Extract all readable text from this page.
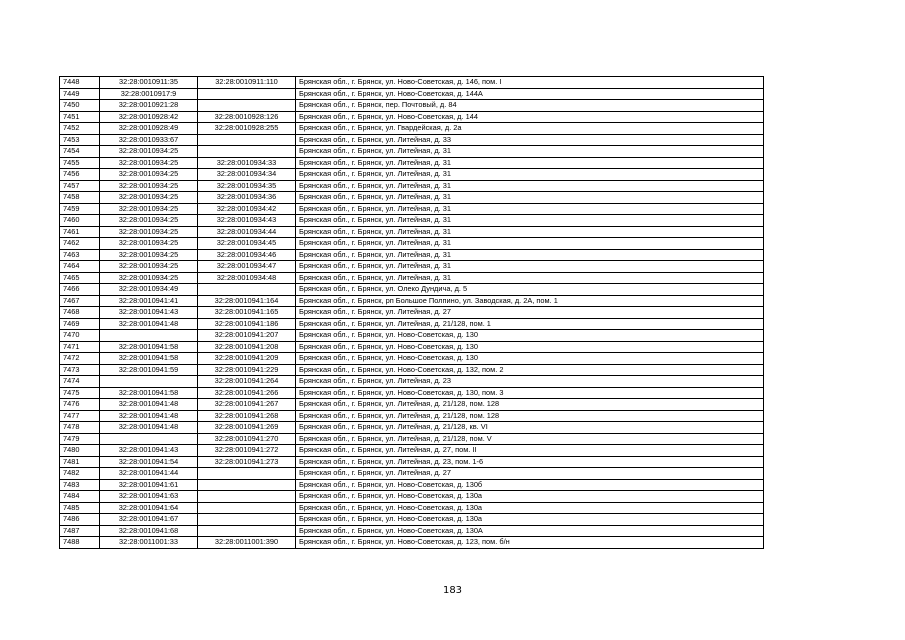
7448	32:28:0010911:35	32:28:0010911:110	Брянская обл., г. Брянск, ул. Ново-Советская, д. 146, пом. I
7449	32:28:0010917:9		Брянская обл., г. Брянск, ул. Ново-Советская, д. 144А
7450	32:28:0010921:28		Брянская обл., г. Брянск, пер. Почтовый, д. 84
7451	32:28:0010928:42	32:28:0010928:126	Брянская обл., г. Брянск, ул. Ново-Советская, д. 144
7452	32:28:0010928:49	32:28:0010928:255	Брянская обл., г. Брянск, ул. Гвардейская, д. 2а
7453	32:28:0010933:67		Брянская обл., г. Брянск, ул. Литейная, д. 33
7454	32:28:0010934:25		Брянская обл., г. Брянск, ул. Литейная, д. 31
7455	32:28:0010934:25	32:28:0010934:33	Брянская обл., г. Брянск, ул. Литейная, д. 31
7456	32:28:0010934:25	32:28:0010934:34	Брянская обл., г. Брянск, ул. Литейная, д. 31
7457	32:28:0010934:25	32:28:0010934:35	Брянская обл., г. Брянск, ул. Литейная, д. 31
7458	32:28:0010934:25	32:28:0010934:36	Брянская обл., г. Брянск, ул. Литейная, д. 31
7459	32:28:0010934:25	32:28:0010934:42	Брянская обл., г. Брянск, ул. Литейная, д. 31
7460	32:28:0010934:25	32:28:0010934:43	Брянская обл., г. Брянск, ул. Литейная, д. 31
7461	32:28:0010934:25	32:28:0010934:44	Брянская обл., г. Брянск, ул. Литейная, д. 31
7462	32:28:0010934:25	32:28:0010934:45	Брянская обл., г. Брянск, ул. Литейная, д. 31
7463	32:28:0010934:25	32:28:0010934:46	Брянская обл., г. Брянск, ул. Литейная, д. 31
7464	32:28:0010934:25	32:28:0010934:47	Брянская обл., г. Брянск, ул. Литейная, д. 31
7465	32:28:0010934:25	32:28:0010934:48	Брянская обл., г. Брянск, ул. Литейная, д. 31
7466	32:28:0010934:49		Брянская обл., г. Брянск, ул. Олеко Дундича, д. 5
7467	32:28:0010941:41	32:28:0010941:164	Брянская обл., г. Брянск, рп Большое Полпино, ул. Заводская, д. 2А, пом. 1
7468	32:28:0010941:43	32:28:0010941:165	Брянская обл., г. Брянск, ул. Литейная, д. 27
7469	32:28:0010941:48	32:28:0010941:186	Брянская обл., г. Брянск, ул. Литейная, д. 21/128, пом. 1
7470		32:28:0010941:207	Брянская обл., г. Брянск, ул. Ново-Советская, д. 130
7471	32:28:0010941:58	32:28:0010941:208	Брянская обл., г. Брянск, ул. Ново-Советская, д. 130
7472	32:28:0010941:58	32:28:0010941:209	Брянская обл., г. Брянск, ул. Ново-Советская, д. 130
7473	32:28:0010941:59	32:28:0010941:229	Брянская обл., г. Брянск, ул. Ново-Советская, д. 132, пом. 2
7474		32:28:0010941:264	Брянская обл., г. Брянск, ул. Литейная, д. 23
7475	32:28:0010941:58	32:28:0010941:266	Брянская обл., г. Брянск, ул. Ново-Советская, д. 130, пом. 3
7476	32:28:0010941:48	32:28:0010941:267	Брянская обл., г. Брянск, ул. Литейная, д. 21/128, пом. 128
7477	32:28:0010941:48	32:28:0010941:268	Брянская обл., г. Брянск, ул. Литейная, д. 21/128, пом. 128
7478	32:28:0010941:48	32:28:0010941:269	Брянская обл., г. Брянск, ул. Литейная, д. 21/128, кв. VI
7479		32:28:0010941:270	Брянская обл., г. Брянск, ул. Литейная, д. 21/128, пом. V
7480	32:28:0010941:43	32:28:0010941:272	Брянская обл., г. Брянск, ул. Литейная, д. 27, пом. II
7481	32:28:0010941:54	32:28:0010941:273	Брянская обл., г. Брянск, ул. Литейная, д. 23, пом. 1-6
7482	32:28:0010941:44		Брянская обл., г. Брянск, ул. Литейная, д. 27
7483	32:28:0010941:61		Брянская обл., г. Брянск, ул. Ново-Советская, д. 130б
7484	32:28:0010941:63		Брянская обл., г. Брянск, ул. Ново-Советская, д. 130а
7485	32:28:0010941:64		Брянская обл., г. Брянск, ул. Ново-Советская, д. 130а
7486	32:28:0010941:67		Брянская обл., г. Брянск, ул. Ново-Советская, д. 130а
7487	32:28:0010941:68		Брянская обл., г. Брянск, ул. Ново-Советская, д. 130А
7488	32:28:0011001:33	32:28:0011001:390	Брянская обл., г. Брянск, ул. Ново-Советская, д. 123, пом. б/н
183
